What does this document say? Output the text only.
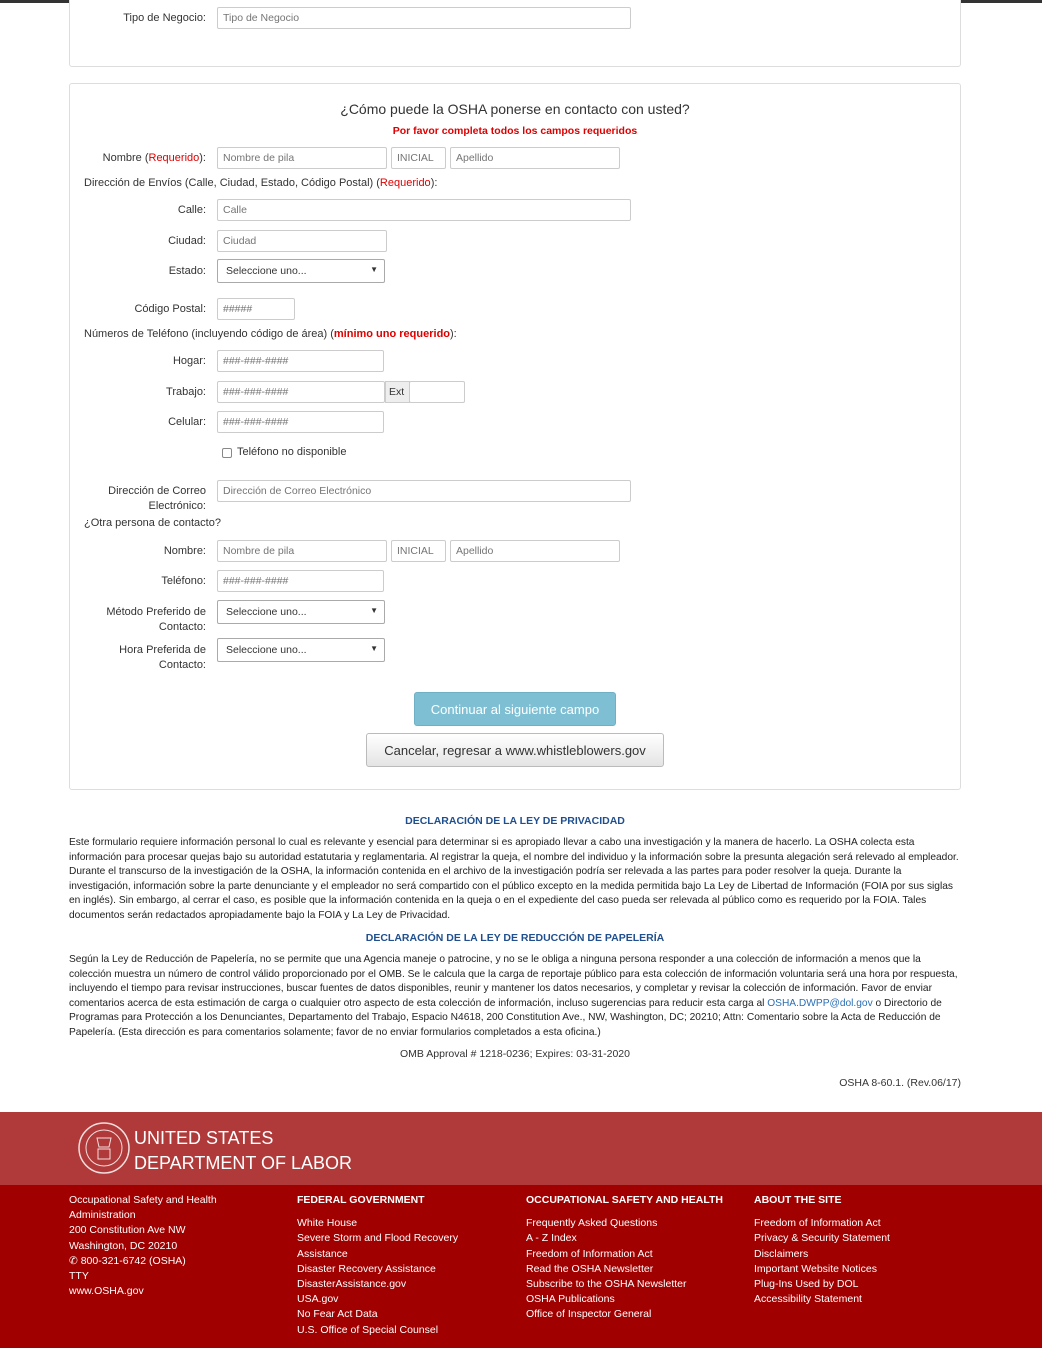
Tipo de Negocio:
Tipo de Negocio
¿Cómo puede la OSHA ponerse en contacto con usted?
Por favor completa todos los campos requeridos
Nombre (Requerido):
Nombre de pila
INICIAL
Apellido
Dirección de Envíos (Calle, Ciudad, Estado, Código Postal) (Requerido):
Calle:
Calle
Ciudad:
Ciudad
Estado:	Seleccione uno...	▼
Código Postal:
#####
Números de Teléfono (incluyendo código de área) (mínimo uno requerido):
Hogar:
###-###-####
Trabajo:
###-###-####	Ext
Celular:
###-###-####
Teléfono no disponible
Dirección de Correo
Electrónico:
Dirección de Correo Electrónico
¿Otra persona de contacto?
Nombre:
Nombre de pila
INICIAL
Apellido
Teléfono:
###-###-####
Método Preferido de
Contacto:
Seleccione uno...	▼
Hora Preferida de
Contacto:
Seleccione uno...	▼
Continuar al siguiente campo
Cancelar, regresar a www.whistleblowers.gov
DECLARACIÓN DE LA LEY DE PRIVACIDAD
Este formulario requiere información personal lo cual es relevante y esencial para determinar si es apropiado llevar a cabo una investigación y la manera de hacerlo. La OSHA colecta esta información para procesar quejas bajo su autoridad estatutaria y reglamentaria. Al registrar la queja, el nombre del individuo y la información sobre la presunta alegación será relevado al empleador. Durante el transcurso de la investigación de la OSHA, la información contenida en el archivo de la investigación podría ser relevada a las partes para poder resolver la queja. Durante la investigación, información sobre la parte denunciante y el empleador no será compartido con el público excepto en la medida permitida bajo La Ley de Libertad de Información (FOIA por sus siglas en inglés). Sin embargo, al cerrar el caso, es posible que la información contenida en la queja o en el expediente del caso pueda ser relevada al público como es requerido por la FOIA. Tales documentos serán redactados apropiadamente bajo la FOIA y La Ley de Privacidad.
DECLARACIÓN DE LA LEY DE REDUCCIÓN DE PAPELERÍA
Según la Ley de Reducción de Papelería, no se permite que una Agencia maneje o patrocine, y no se le obliga a ninguna persona responder a una colección de información a menos que la colección muestra un número de control válido proporcionado por el OMB. Se le calcula que la carga de reportaje público para esta colección de información voluntaria será una hora por respuesta, incluyendo el tiempo para revisar instrucciones, buscar fuentes de datos disponibles, reunir y mantener los datos necesarios, y completar y revisar la colección de información. Favor de enviar comentarios acerca de esta estimación de carga o cualquier otro aspecto de esta colección de información, incluso sugerencias para reducir esta carga al OSHA.DWPP@dol.gov o Directorio de Programas para Protección a los Denunciantes, Departamento del Trabajo, Espacio N4618, 200 Constitution Ave., NW, Washington, DC; 20210; Attn: Comentario sobre la Acta de Reducción de Papelería. (Esta dirección es para comentarios solamente; favor de no enviar formularios completados a esta oficina.)
OMB Approval # 1218-0236; Expires: 03-31-2020
OSHA 8-60.1. (Rev.06/17)
UNITED STATES
DEPARTMENT OF LABOR
Occupational Safety and Health
Administration
200 Constitution Ave NW
Washington, DC 20210
✆ 800-321-6742 (OSHA)
TTY
www.OSHA.gov
FEDERAL GOVERNMENT
White House
Severe Storm and Flood Recovery Assistance
Disaster Recovery Assistance
DisasterAssistance.gov
USA.gov
No Fear Act Data
U.S. Office of Special Counsel
OCCUPATIONAL SAFETY AND HEALTH
Frequently Asked Questions
A - Z Index
Freedom of Information Act
Read the OSHA Newsletter
Subscribe to the OSHA Newsletter
OSHA Publications
Office of Inspector General
ABOUT THE SITE
Freedom of Information Act
Privacy & Security Statement
Disclaimers
Important Website Notices
Plug-Ins Used by DOL
Accessibility Statement
